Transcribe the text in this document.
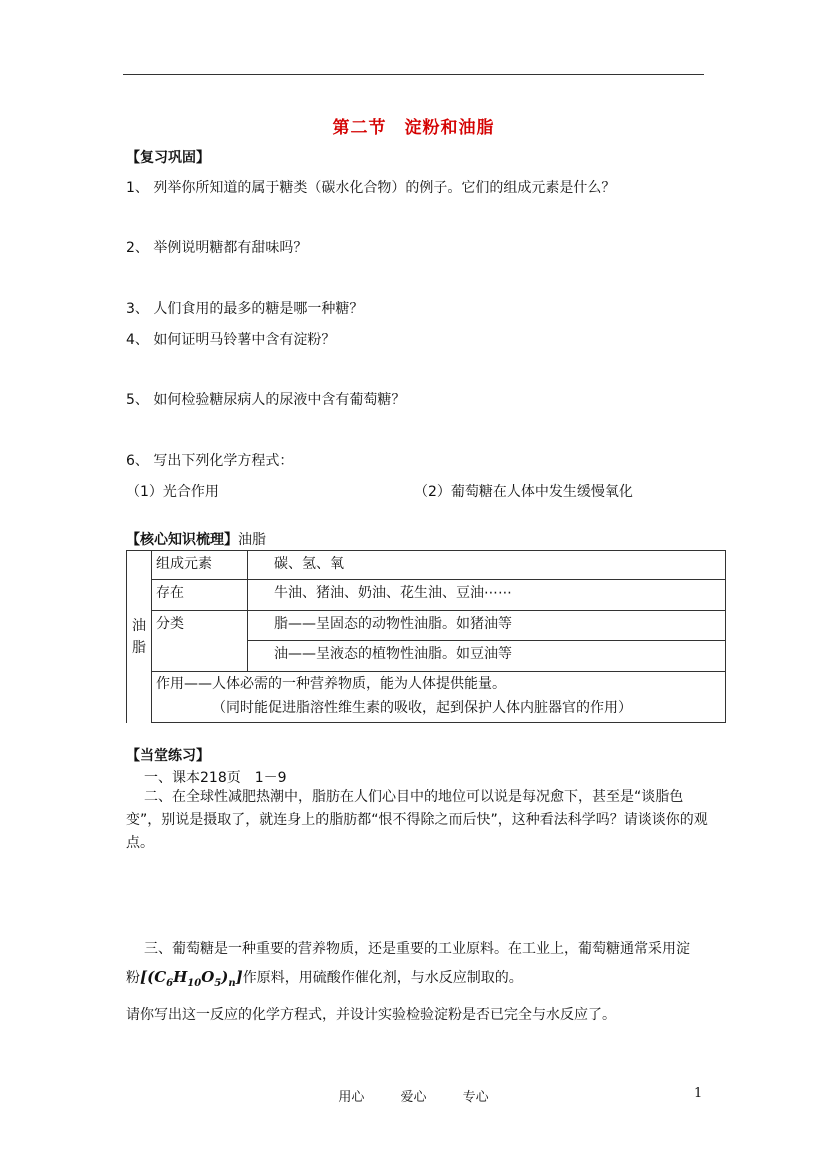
第二节　淀粉和油脂
【复习巩固】
1、 列举你所知道的属于糖类（碳水化合物）的例子。它们的组成元素是什么？
2、 举例说明糖都有甜味吗？
3、 人们食用的最多的糖是哪一种糖？
4、 如何证明马铃薯中含有淀粉？
5、 如何检验糖尿病人的尿液中含有葡萄糖？
6、 写出下列化学方程式：
（1）光合作用	（2）葡萄糖在人体中发生缓慢氧化
【核心知识梳理】油脂
油脂	组成元素	碳、氢、氧
	存在	牛油、猪油、奶油、花生油、豆油⋯⋯
	分类	脂——呈固态的动物性油脂。如猪油等
		油——呈液态的植物性油脂。如豆油等

	作用——人体必需的一种营养物质，能为人体提供能量。
（同时能促进脂溶性维生素的吸收，起到保护人体内脏器官的作用）	
【当堂练习】
一、课本218页　1－9
二、在全球性减肥热潮中，脂肪在人们心目中的地位可以说是每况愈下，甚至是“谈脂色变”，别说是摄取了，就连身上的脂肪都“恨不得除之而后快”，这种看法科学吗？请谈谈你的观点。
三、葡萄糖是一种重要的营养物质，还是重要的工业原料。在工业上，葡萄糖通常采用淀
粉$[(C_6H_{10}O_5)_n]$作原料，用硫酸作催化剂，与水反应制取的。
请你写出这一反应的化学方程式，并设计实验检验淀粉是否已完全与水反应了。
用心	爱心	专心	1
